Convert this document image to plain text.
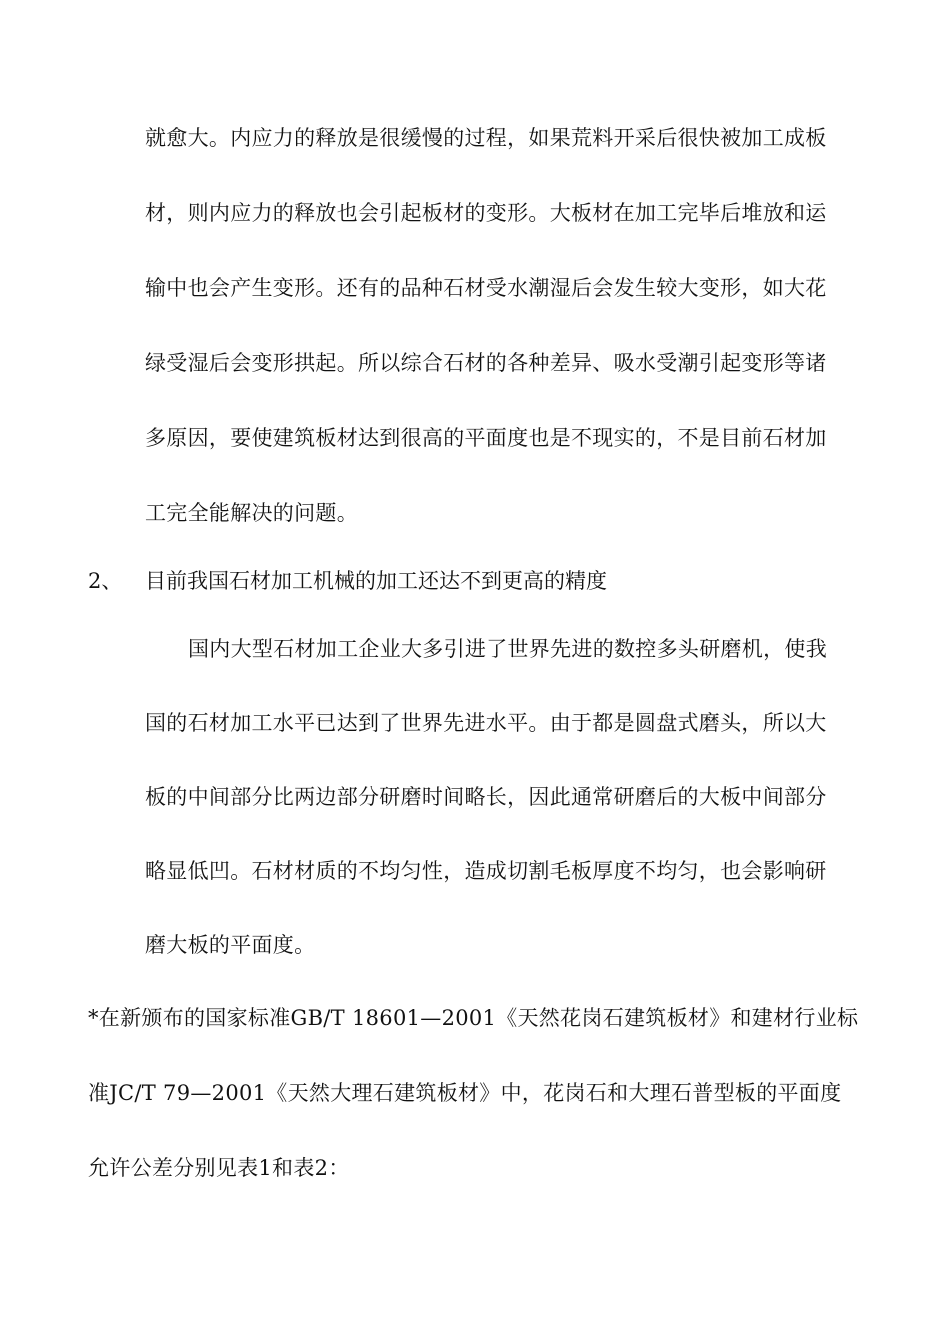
就愈大。内应力的释放是很缓慢的过程，如果荒料开采后很快被加工成板
材，则内应力的释放也会引起板材的变形。大板材在加工完毕后堆放和运
输中也会产生变形。还有的品种石材受水潮湿后会发生较大变形，如大花
绿受湿后会变形拱起。所以综合石材的各种差异、吸水受潮引起变形等诸
多原因，要使建筑板材达到很高的平面度也是不现实的，不是目前石材加
工完全能解决的问题。
2、 目前我国石材加工机械的加工还达不到更高的精度
国内大型石材加工企业大多引进了世界先进的数控多头研磨机，使我
国的石材加工水平已达到了世界先进水平。由于都是圆盘式磨头，所以大
板的中间部分比两边部分研磨时间略长，因此通常研磨后的大板中间部分
略显低凹。石材材质的不均匀性，造成切割毛板厚度不均匀，也会影响研
磨大板的平面度。
*在新颁布的国家标准GB/T 18601—2001《天然花岗石建筑板材》和建材行业标
准JC/T 79—2001《天然大理石建筑板材》中，花岗石和大理石普型板的平面度
允许公差分别见表1和表2：
